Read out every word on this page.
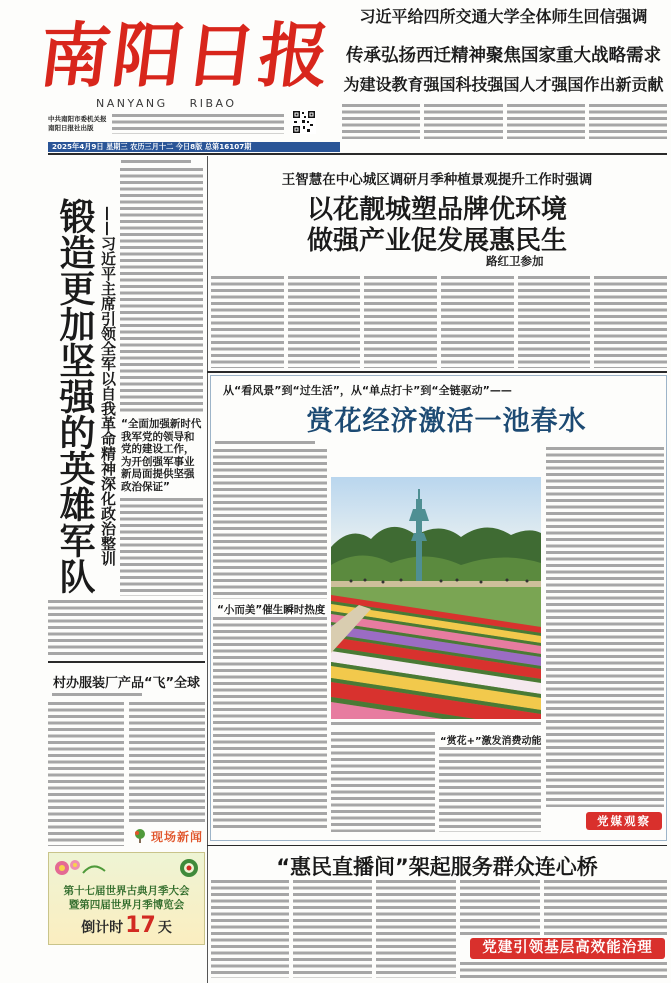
南阳日报
NANYANG RIBAO
中共南阳市委机关报
南阳日报社出版
2025年4月9日 星期三 农历三月十二 今日8版 总第16107期
习近平给四所交通大学全体师生回信强调
传承弘扬西迁精神聚焦国家重大战略需求
为建设教育强国科技强国人才强国作出新贡献
锻造更加坚强的英雄军队 ——习近平主席引领全军以自我革命精神深化政治整训 “全面加强新时代我军党的领导和党的建设工作，为开创强军事业新局面提供坚强政治保证”
村办服装厂产品“飞”全球
现场新闻
第十七届世界古典月季大会
暨第四届世界月季博览会
倒计时17 天
王智慧在中心城区调研月季种植景观提升工作时强调
以花靓城塑品牌优环境
做强产业促发展惠民生
路红卫参加
从“看风景”到“过生活”，从“单点打卡”到“全链驱动”——
赏花经济激活一池春水
“小而美”催生瞬时热度
“赏花+”激发消费动能
党媒观察
“惠民直播间”架起服务群众连心桥
党建引领基层高效能治理
